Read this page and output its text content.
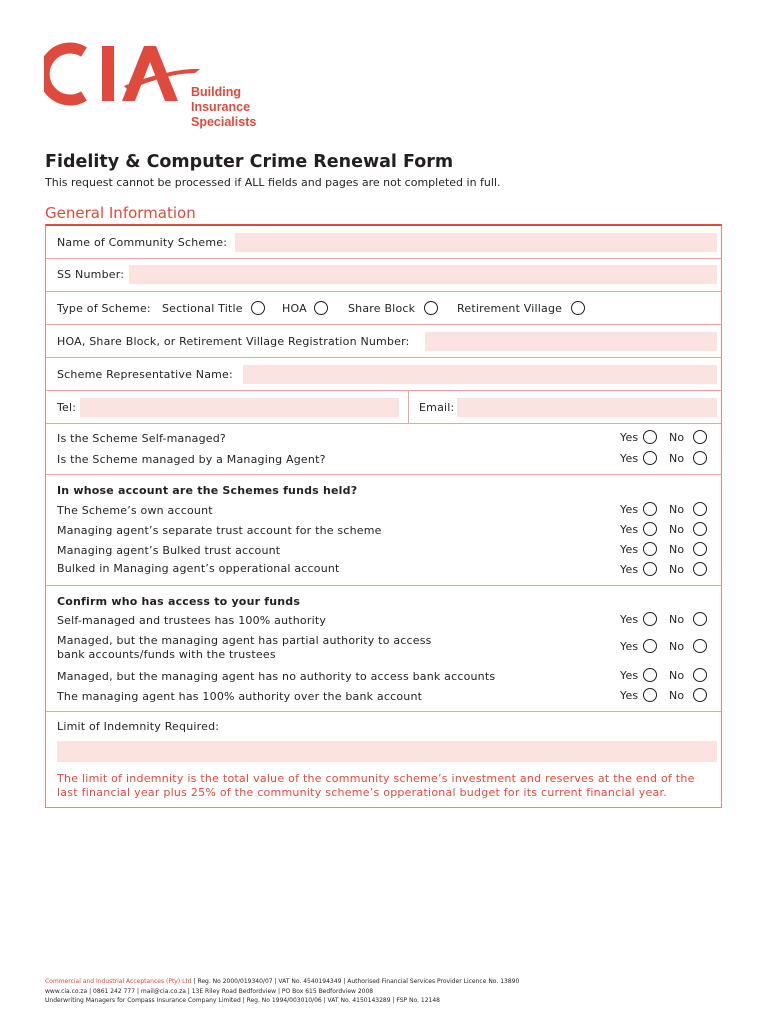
Building
Insurance
Specialists
Fidelity & Computer Crime Renewal Form
This request cannot be processed if ALL fields and pages are not completed in full.
General Information
Name of Community Scheme:
SS Number:
Type of Scheme: Sectional Title	HOA	Share Block	Retirement Village
HOA, Share Block, or Retirement Village Registration Number:
Scheme Representative Name:
Tel:	Email:
Is the Scheme Self-managed?	Yes	No
Is the Scheme managed by a Managing Agent?	Yes	No
In whose account are the Schemes funds held?
The Scheme’s own account	Yes	No
Managing agent’s separate trust account for the scheme	Yes	No
Managing agent’s Bulked trust account	Yes	No
Bulked in Managing agent’s opperational account	Yes	No
Confirm who has access to your funds
Self-managed and trustees has 100% authority	Yes	No
Managed, but the managing agent has partial authority to access
bank accounts/funds with the trustees
Yes	No
Managed, but the managing agent has no authority to access bank accounts	Yes	No
The managing agent has 100% authority over the bank account	Yes	No
Limit of Indemnity Required:
The limit of indemnity is the total value of the community scheme’s investment and reserves at the end of the last financial year plus 25% of the community scheme’s opperational budget for its current financial year.
Commercial and Industrial Acceptances (Pty) Ltd | Reg. No 2000/019340/07 | VAT No. 4540194349 | Authorised Financial Services Provider Licence No. 13890
www.cia.co.za | 0861 242 777 | mail@cia.co.za | 13E Riley Road Bedfordview | PO Box 615 Bedfordview 2008
Underwriting Managers for Compass Insurance Company Limited | Reg. No 1994/003010/06 | VAT No. 4150143289 | FSP No. 12148
